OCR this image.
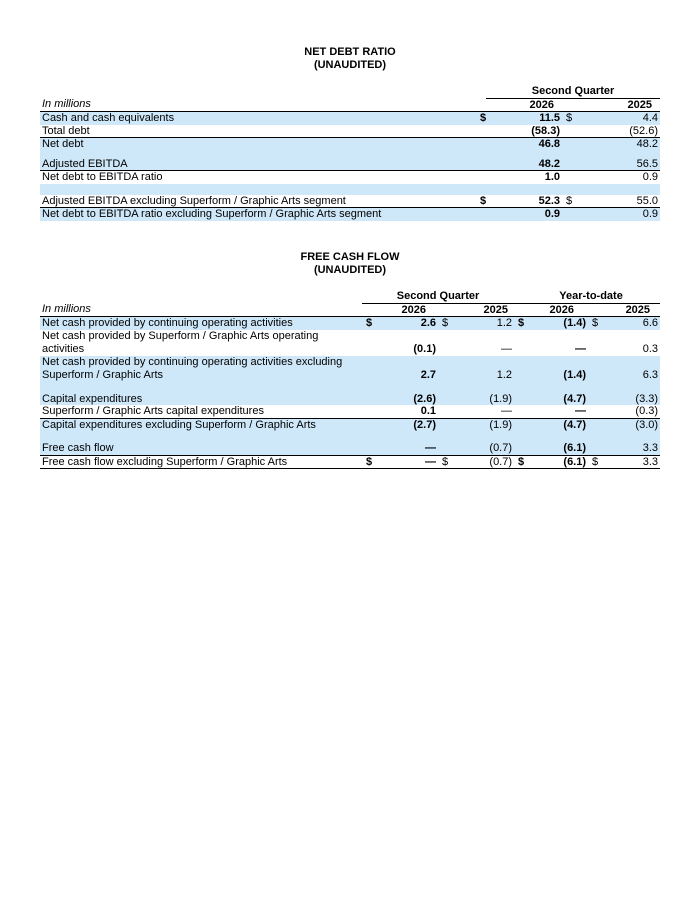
NET DEBT RATIO
(UNAUDITED)
		Second Quarter		
In millions		2026		2025
Cash and cash equivalents	$	11.5	$	4.4
Total debt		(58.3)		(52.6)
Net debt		46.8		48.2

Adjusted EBITDA		48.2		56.5
Net debt to EBITDA ratio		1.0		0.9

Adjusted EBITDA excluding Superform / Graphic Arts segment	$	52.3	$	55.0
Net debt to EBITDA ratio excluding Superform / Graphic Arts segment		0.9		0.9
FREE CASH FLOW
(UNAUDITED)
	Second Quarter				Year-to-date			
In millions		2026		2025		2026		2025
Net cash provided by continuing operating activities	$	2.6	$	1.2	$	(1.4)	$	6.6
Net cash provided by Superform / Graphic Arts operating activities		(0.1)		—		—		0.3
Net cash provided by continuing operating activities excluding Superform / Graphic Arts		2.7		1.2		(1.4)		6.3

Capital expenditures		(2.6)		(1.9)		(4.7)		(3.3)
Superform / Graphic Arts capital expenditures		0.1		—		—		(0.3)
Capital expenditures excluding Superform / Graphic Arts		(2.7)		(1.9)		(4.7)		(3.0)

Free cash flow		—		(0.7)		(6.1)		3.3
Free cash flow excluding Superform / Graphic Arts	$	—	$	(0.7)	$	(6.1)	$	3.3
